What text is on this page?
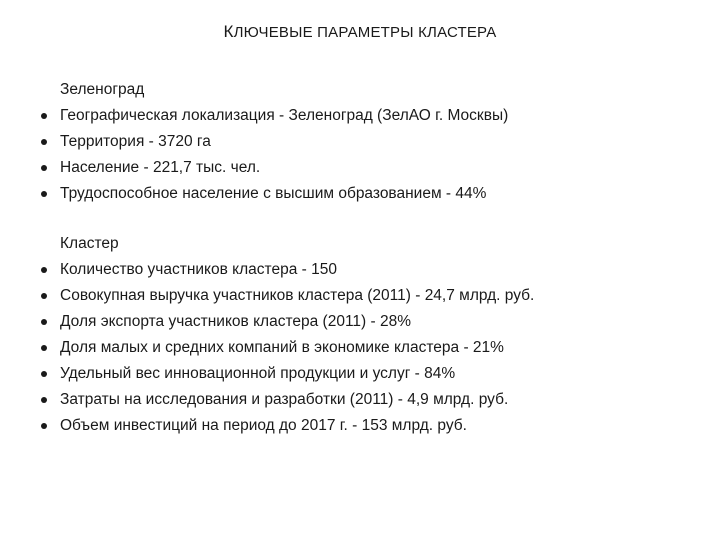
КЛЮЧЕВЫЕ ПАРАМЕТРЫ КЛАСТЕРА
Зеленоград
Географическая локализация - Зеленоград (ЗелАО г. Москвы)
Территория - 3720 га
Население - 221,7 тыс. чел.
Трудоспособное население с высшим образованием - 44%
Кластер
Количество участников кластера - 150
Совокупная выручка участников кластера (2011) - 24,7 млрд. руб.
Доля экспорта участников кластера (2011) - 28%
Доля малых и средних компаний в экономике кластера - 21%
Удельный вес инновационной продукции и услуг - 84%
Затраты на исследования и разработки (2011) - 4,9 млрд. руб.
Объем инвестиций на период до 2017 г. - 153 млрд. руб.
